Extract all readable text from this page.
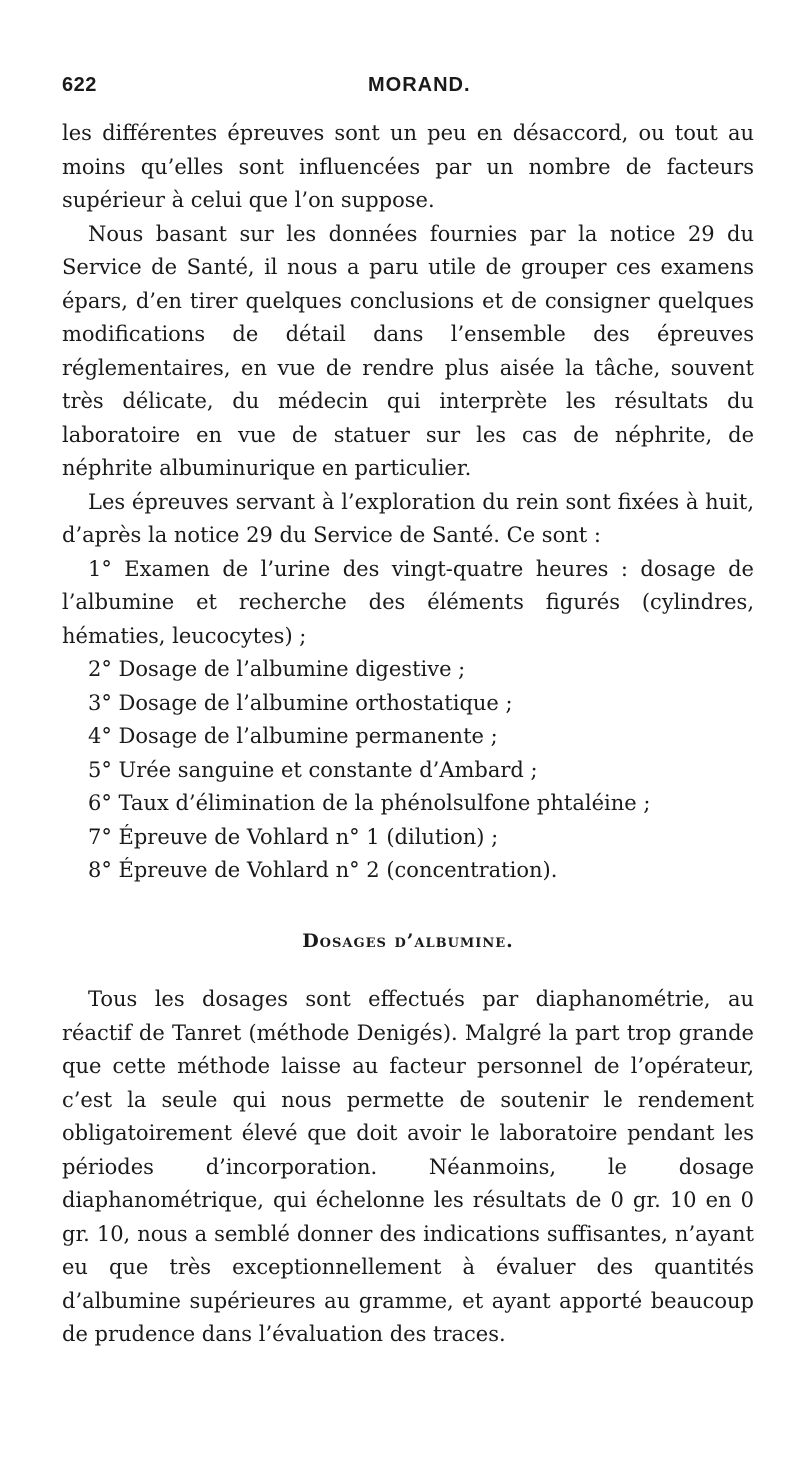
622	MORAND.

les différentes épreuves sont un peu en désaccord, ou tout au moins qu’elles sont influencées par un nombre de facteurs supérieur à celui que l’on suppose.

Nous basant sur les données fournies par la notice 29 du Service de Santé, il nous a paru utile de grouper ces examens épars, d’en tirer quelques conclusions et de consigner quelques modifications de détail dans l’ensemble des épreuves réglementaires, en vue de rendre plus aisée la tâche, souvent très délicate, du médecin qui interprète les résultats du laboratoire en vue de statuer sur les cas de néphrite, de néphrite albuminurique en particulier.

Les épreuves servant à l’exploration du rein sont fixées à huit, d’après la notice 29 du Service de Santé. Ce sont :

1° Examen de l’urine des vingt-quatre heures : dosage de l’albumine et recherche des éléments figurés (cylindres, hématies, leucocytes) ;
2° Dosage de l’albumine digestive ;
3° Dosage de l’albumine orthostatique ;
4° Dosage de l’albumine permanente ;
5° Urée sanguine et constante d’Ambard ;
6° Taux d’élimination de la phénolsulfone phtaléine ;
7° Épreuve de Vohlard n° 1 (dilution) ;
8° Épreuve de Vohlard n° 2 (concentration).
Dosages d’albumine.

Tous les dosages sont effectués par diaphanométrie, au réactif de Tanret (méthode Denigés). Malgré la part trop grande que cette méthode laisse au facteur personnel de l’opérateur, c’est la seule qui nous permette de soutenir le rendement obligatoirement élevé que doit avoir le laboratoire pendant les périodes d’incorporation. Néanmoins, le dosage diaphanométrique, qui échelonne les résultats de 0 gr. 10 en 0 gr. 10, nous a semblé donner des indications suffisantes, n’ayant eu que très exceptionnellement à évaluer des quantités d’albumine supérieures au gramme, et ayant apporté beaucoup de prudence dans l’évaluation des traces.
